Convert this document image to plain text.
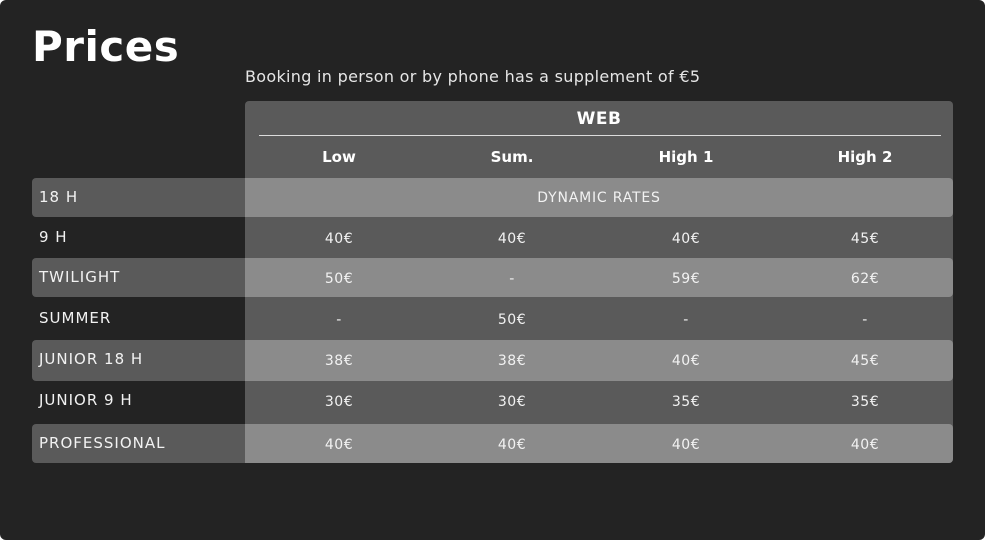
Prices
Booking in person or by phone has a supplement of €5
WEB
Low	Sum.	High 1	High 2
18 H	DYNAMIC RATES
9 H	40€	40€	40€	45€
TWILIGHT	50€	-	59€	62€
SUMMER	-	50€	-	-
JUNIOR 18 H	38€	38€	40€	45€
JUNIOR 9 H	30€	30€	35€	35€
PROFESSIONAL	40€	40€	40€	40€
